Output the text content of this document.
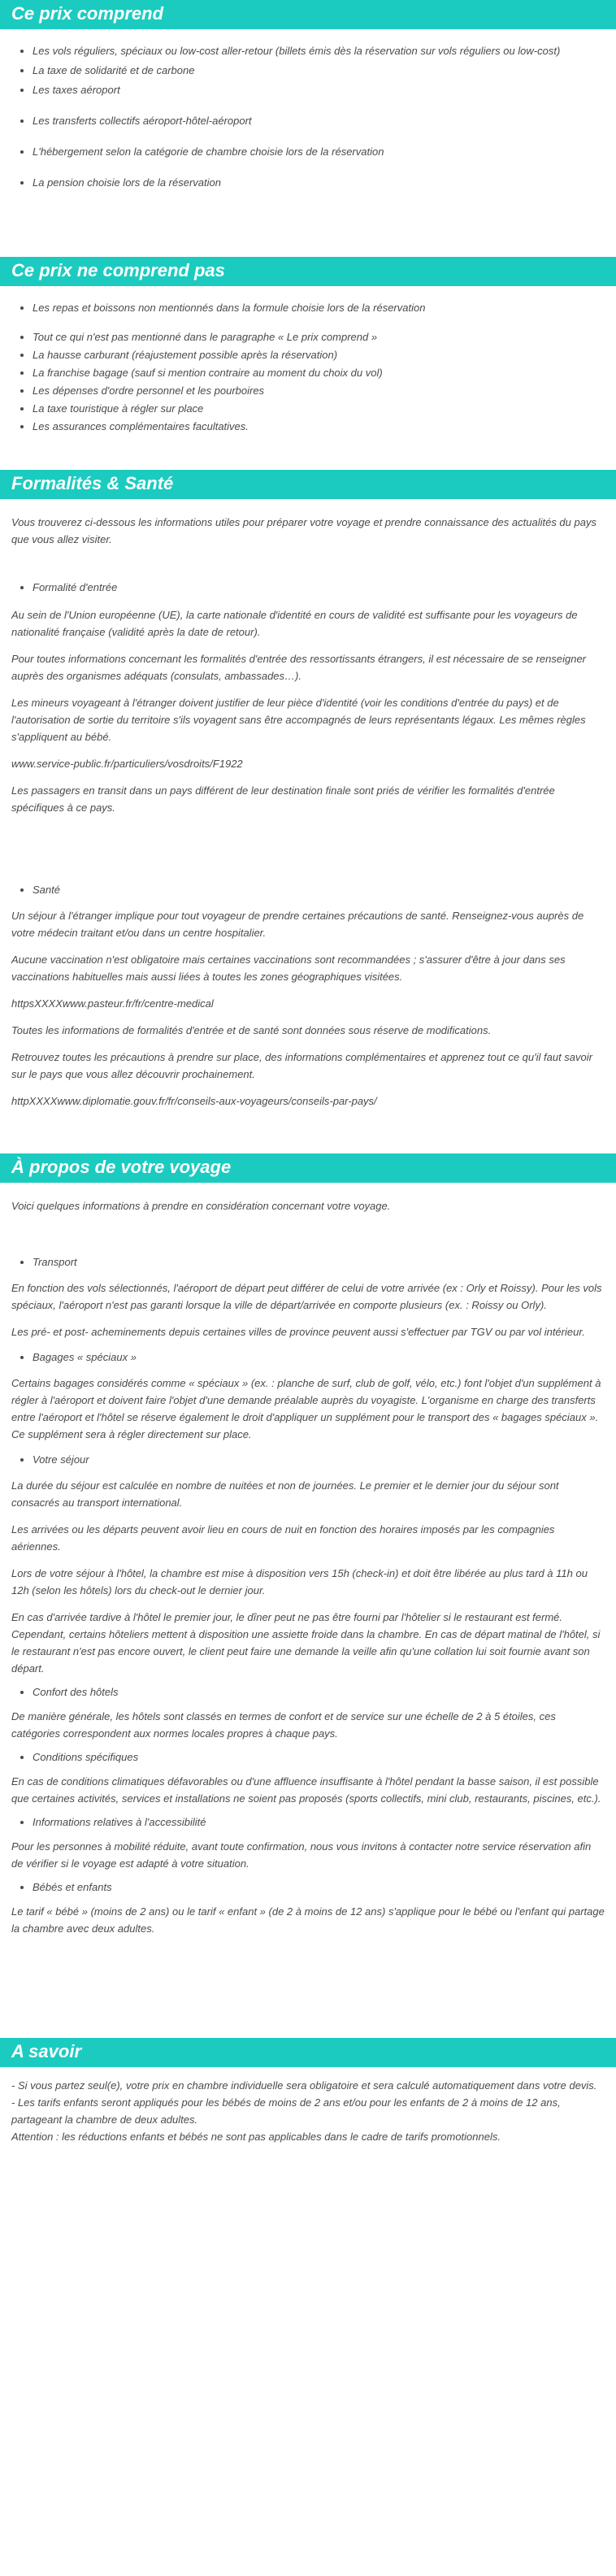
Ce prix comprend
• Les vols réguliers, spéciaux ou low-cost aller-retour (billets émis dès la réservation sur vols réguliers ou low-cost)
• La taxe de solidarité et de carbone
• Les taxes aéroport
• Les transferts collectifs aéroport-hôtel-aéroport
• L'hébergement selon la catégorie de chambre choisie lors de la réservation
• La pension choisie lors de la réservation
Ce prix ne comprend pas
• Les repas et boissons non mentionnés dans la formule choisie lors de la réservation
• Tout ce qui n'est pas mentionné dans le paragraphe « Le prix comprend »
• La hausse carburant (réajustement possible après la réservation)
• La franchise bagage (sauf si mention contraire au moment du choix du vol)
• Les dépenses d'ordre personnel et les pourboires
• La taxe touristique à régler sur place
• Les assurances complémentaires facultatives.
Formalités & Santé

Vous trouverez ci-dessous les informations utiles pour préparer votre voyage et prendre connaissance des actualités du pays que vous allez visiter.

• Formalité d'entrée

Au sein de l'Union européenne (UE), la carte nationale d'identité en cours de validité est suffisante pour les voyageurs de nationalité française (validité après la date de retour).

Pour toutes informations concernant les formalités d'entrée des ressortissants étrangers, il est nécessaire de se renseigner auprès des organismes adéquats (consulats, ambassades…).

Les mineurs voyageant à l'étranger doivent justifier de leur pièce d'identité (voir les conditions d'entrée du pays) et de l'autorisation de sortie du territoire s'ils voyagent sans être accompagnés de leurs représentants légaux. Les mêmes règles s'appliquent au bébé.

www.service-public.fr/particuliers/vosdroits/F1922

Les passagers en transit dans un pays différent de leur destination finale sont priés de vérifier les formalités d'entrée spécifiques à ce pays.

• Santé

Un séjour à l'étranger implique pour tout voyageur de prendre certaines précautions de santé. Renseignez-vous auprès de votre médecin traitant et/ou dans un centre hospitalier.

Aucune vaccination n'est obligatoire mais certaines vaccinations sont recommandées ; s'assurer d'être à jour dans ses vaccinations habituelles mais aussi liées à toutes les zones géographiques visitées.

httpsXXXXwww.pasteur.fr/fr/centre-medical

Toutes les informations de formalités d'entrée et de santé sont données sous réserve de modifications.

Retrouvez toutes les précautions à prendre sur place, des informations complémentaires et apprenez tout ce qu'il faut savoir sur le pays que vous allez découvrir prochainement.

httpXXXXwww.diplomatie.gouv.fr/fr/conseils-aux-voyageurs/conseils-par-pays/

À propos de votre voyage

Voici quelques informations à prendre en considération concernant votre voyage.

• Transport

En fonction des vols sélectionnés, l'aéroport de départ peut différer de celui de votre arrivée (ex : Orly et Roissy). Pour les vols spéciaux, l'aéroport n'est pas garanti lorsque la ville de départ/arrivée en comporte plusieurs (ex. : Roissy ou Orly).

Les pré- et post- acheminements depuis certaines villes de province peuvent aussi s'effectuer par TGV ou par vol intérieur.

• Bagages « spéciaux »

Certains bagages considérés comme « spéciaux » (ex. : planche de surf, club de golf, vélo, etc.) font l'objet d'un supplément à régler à l'aéroport et doivent faire l'objet d'une demande préalable auprès du voyagiste. L'organisme en charge des transferts entre l'aéroport et l'hôtel se réserve également le droit d'appliquer un supplément pour le transport des « bagages spéciaux ». Ce supplément sera à régler directement sur place.

• Votre séjour

La durée du séjour est calculée en nombre de nuitées et non de journées. Le premier et le dernier jour du séjour sont consacrés au transport international.

Les arrivées ou les départs peuvent avoir lieu en cours de nuit en fonction des horaires imposés par les compagnies aériennes.

Lors de votre séjour à l'hôtel, la chambre est mise à disposition vers 15h (check-in) et doit être libérée au plus tard à 11h ou 12h (selon les hôtels) lors du check-out le dernier jour.

En cas d'arrivée tardive à l'hôtel le premier jour, le dîner peut ne pas être fourni par l'hôtelier si le restaurant est fermé. Cependant, certains hôteliers mettent à disposition une assiette froide dans la chambre. En cas de départ matinal de l'hôtel, si le restaurant n'est pas encore ouvert, le client peut faire une demande la veille afin qu'une collation lui soit fournie avant son départ.

• Confort des hôtels

De manière générale, les hôtels sont classés en termes de confort et de service sur une échelle de 2 à 5 étoiles, ces catégories correspondent aux normes locales propres à chaque pays.

• Conditions spécifiques

En cas de conditions climatiques défavorables ou d'une affluence insuffisante à l'hôtel pendant la basse saison, il est possible que certaines activités, services et installations ne soient pas proposés (sports collectifs, mini club, restaurants, piscines, etc.).

• Informations relatives à l'accessibilité

Pour les personnes à mobilité réduite, avant toute confirmation, nous vous invitons à contacter notre service réservation afin de vérifier si le voyage est adapté à votre situation.

• Bébés et enfants

Le tarif « bébé » (moins de 2 ans) ou le tarif « enfant » (de 2 à moins de 12 ans) s'applique pour le bébé ou l'enfant qui partage la chambre avec deux adultes.

A savoir

- Si vous partez seul(e), votre prix en chambre individuelle sera obligatoire et sera calculé automatiquement dans votre devis.

- Les tarifs enfants seront appliqués pour les bébés de moins de 2 ans et/ou pour les enfants de 2 à moins de 12 ans, partageant la chambre de deux adultes.

Attention : les réductions enfants et bébés ne sont pas applicables dans le cadre de tarifs promotionnels.
